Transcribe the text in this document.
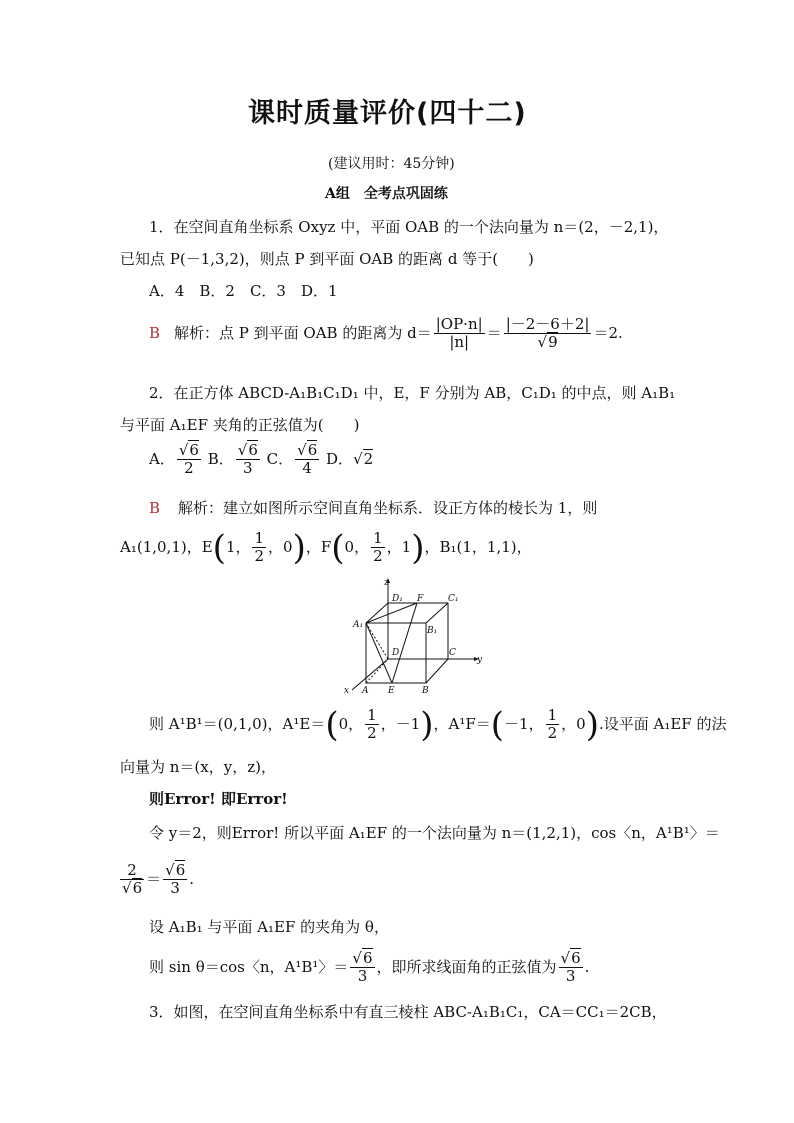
课时质量评价(四十二)
(建议用时：45分钟)
A组　全考点巩固练
1．在空间直角坐标系 Oxyz 中，平面 OAB 的一个法向量为 n＝(2，－2,1)，
已知点 P(－1,3,2)，则点 P 到平面 OAB 的距离 d 等于(　　)
A．4　B．2　C．3　D．1
B 解析：点 P 到平面 OAB 的距离为 $d= \frac{|OP\cdot n|}{|n|} = \frac{|-2-6+2|}{√9} =2$.
2．在正方体 ABCD-A₁B₁C₁D₁ 中，E，F 分别为 AB，C₁D₁ 的中点，则 A₁B₁
与平面 A₁EF 夹角的正弦值为(　　)
A． $\frac{√6}{2}$ B． $\frac{√6}{3}$ C． $\frac{√6}{4}$ D．√2
B 解析：建立如图所示空间直角坐标系．设正方体的棱长为 1，则
A₁(1,0,1)，E(1， $\frac{1}{2}$ ，0)，F(0， $\frac{1}{2}$ ，1)，B₁(1，1,1)，
z
D₁ F	C₁
A₁
B₁
D	C
y
x A E	B
则 A¹B¹＝(0,1,0)，A¹E＝(0， $\frac{1}{2}$ ，－1)，A¹F＝(－1， $\frac{1}{2}$ ，0).设平面 A₁EF 的法
向量为 n＝(x，y，z)，
则Error! 即Error!
令 y＝2，则Error! 所以平面 A₁EF 的一个法向量为 n＝(1,2,1)，cos〈n，A¹B¹〉＝
$\frac{2}{√6} = \frac{√6}{3}$ .
设 A₁B₁ 与平面 A₁EF 的夹角为 θ，
则 sin θ＝cos〈n，A¹B¹〉＝ $\frac{√6}{3}$ ，即所求线面角的正弦值为 $\frac{√6}{3}$ .
3．如图，在空间直角坐标系中有直三棱柱 ABC-A₁B₁C₁，CA＝CC₁＝2CB，
